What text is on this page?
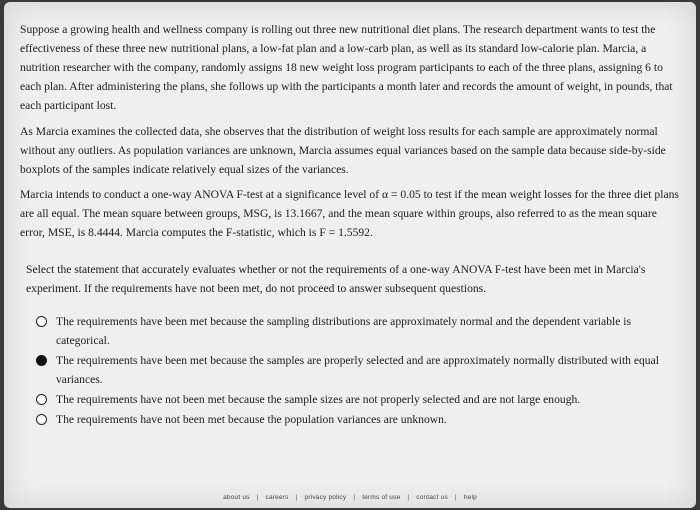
Suppose a growing health and wellness company is rolling out three new nutritional diet plans. The research department wants to test the effectiveness of these three new nutritional plans, a low-fat plan and a low-carb plan, as well as its standard low-calorie plan. Marcia, a nutrition researcher with the company, randomly assigns 18 new weight loss program participants to each of the three plans, assigning 6 to each plan. After administering the plans, she follows up with the participants a month later and records the amount of weight, in pounds, that each participant lost.

As Marcia examines the collected data, she observes that the distribution of weight loss results for each sample are approximately normal without any outliers. As population variances are unknown, Marcia assumes equal variances based on the sample data because side-by-side boxplots of the samples indicate relatively equal sizes of the variances.

Marcia intends to conduct a one-way ANOVA F-test at a significance level of α = 0.05 to test if the mean weight losses for the three diet plans are all equal. The mean square between groups, MSG, is 13.1667, and the mean square within groups, also referred to as the mean square error, MSE, is 8.4444. Marcia computes the F-statistic, which is F = 1.5592.

Select the statement that accurately evaluates whether or not the requirements of a one-way ANOVA F-test have been met in Marcia's experiment. If the requirements have not been met, do not proceed to answer subsequent questions.

The requirements have been met because the sampling distributions are approximately normal and the dependent variable is categorical.
The requirements have been met because the samples are properly selected and are approximately normally distributed with equal variances.
The requirements have not been met because the sample sizes are not properly selected and are not large enough.
The requirements have not been met because the population variances are unknown.
about us | careers | privacy policy | terms of use | contact us | help
